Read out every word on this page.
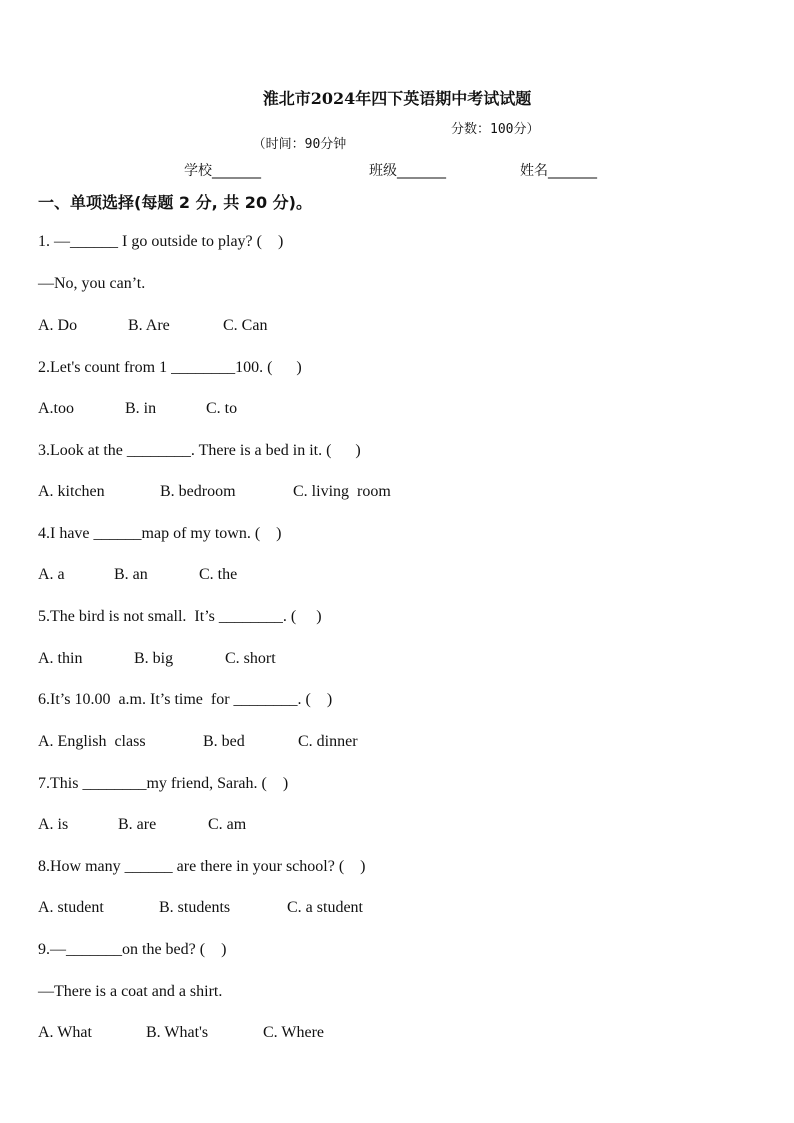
淮北市2024年四下英语期中考试试题

（时间：90分钟

分数：100分）

学校_______	班级_______	姓名_______
一、单项选择(每题 2 分, 共 20 分)。
1. —______ I go outside to play? (    )
—No, you can’t.
A. Do	B. Are	C. Can
2.Let's count from 1 ________100. (      )
A.too	B. in	C. to
3.Look at the ________. There is a bed in it. (      )
A. kitchen	B. bedroom	C. living  room
4.I have ______map of my town. (    )
A. a	B. an	C. the
5.The bird is not small.  It’s ________. (     )
A. thin	B. big	C. short
6.It’s 10.00  a.m. It’s time  for ________. (    )
A. English  class	B. bed	C. dinner
7.This ________my friend, Sarah. (    )
A. is	B. are	C. am
8.How many ______ are there in your school? (    )
A. student	B. students	C. a student
9.—_______on the bed? (    )
—There is a coat and a shirt.
A. What	B. What's	C. Where
